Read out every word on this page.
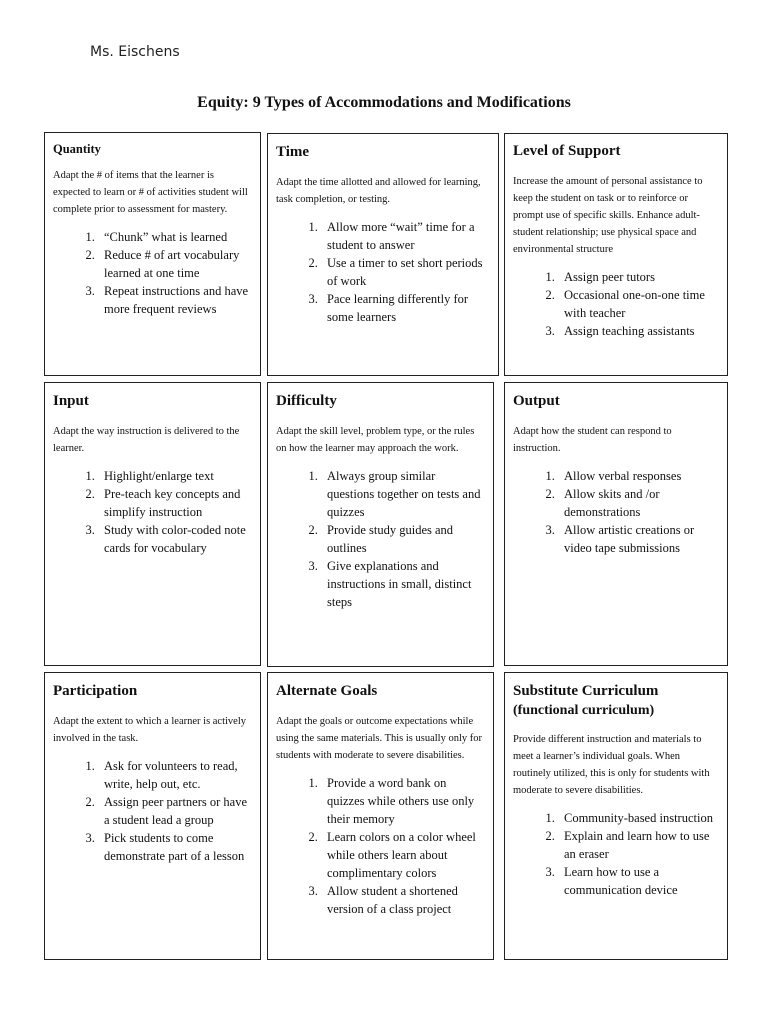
Ms. Eischens
Equity: 9 Types of Accommodations and Modifications
Quantity
Adapt the # of items that the learner is expected to learn or # of activities student will complete prior to assessment for mastery.
1. “Chunk” what is learned
2. Reduce # of art vocabulary learned at one time
3. Repeat instructions and have more frequent reviews
Time
Adapt the time allotted and allowed for learning, task completion, or testing.
1. Allow more “wait” time for a student to answer
2. Use a timer to set short periods of work
3. Pace learning differently for some learners
Level of Support
Increase the amount of personal assistance to keep the student on task or to reinforce or prompt use of specific skills. Enhance adult-student relationship; use physical space and environmental structure
1. Assign peer tutors
2. Occasional one-on-one time with teacher
3. Assign teaching assistants
Input
Adapt the way instruction is delivered to the learner.
1. Highlight/enlarge text
2. Pre-teach key concepts and simplify instruction
3. Study with color-coded note cards for vocabulary
Difficulty
Adapt the skill level, problem type, or the rules on how the learner may approach the work.
1. Always group similar questions together on tests and quizzes
2. Provide study guides and outlines
3. Give explanations and instructions in small, distinct steps
Output
Adapt how the student can respond to instruction.
1. Allow verbal responses
2. Allow skits and /or demonstrations
3. Allow artistic creations or video tape submissions
Participation
Adapt the extent to which a learner is actively involved in the task.
1. Ask for volunteers to read, write, help out, etc.
2. Assign peer partners or have a student lead a group
3. Pick students to come demonstrate part of a lesson
Alternate Goals
Adapt the goals or outcome expectations while using the same materials. This is usually only for students with moderate to severe disabilities.
1. Provide a word bank on quizzes while others use only their memory
2. Learn colors on a color wheel while others learn about complimentary colors
3. Allow student a shortened version of a class project
Substitute Curriculum
(functional curriculum)
Provide different instruction and materials to meet a learner’s individual goals. When routinely utilized, this is only for students with moderate to severe disabilities.
1. Community-based instruction
2. Explain and learn how to use an eraser
3. Learn how to use a communication device
